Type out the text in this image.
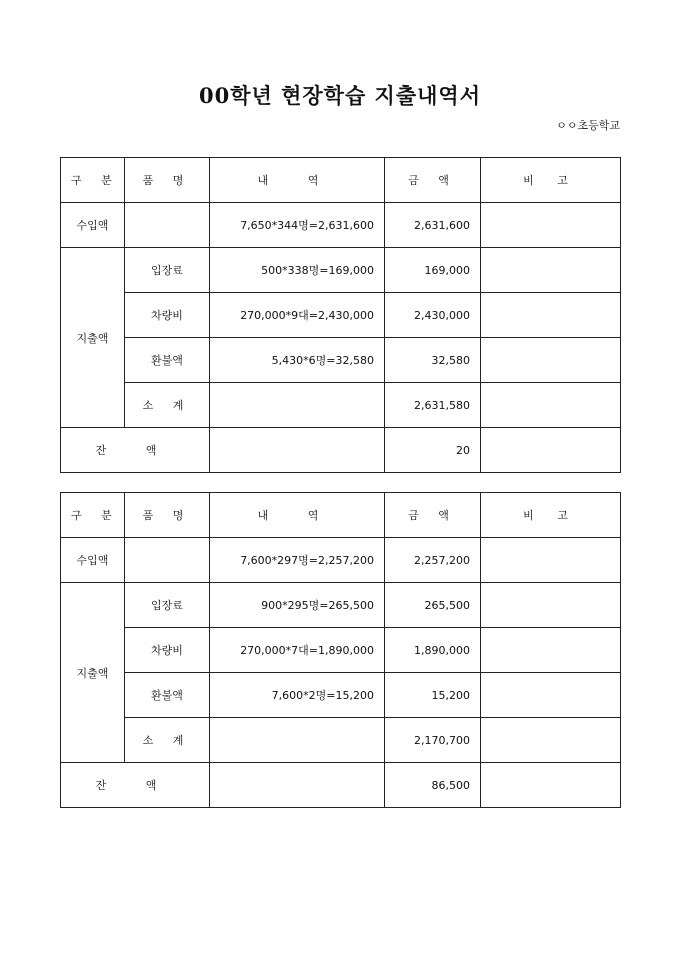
00학년 현장학습 지출내역서
ㅇㅇ초등학교
구 분	품 명	내 역	금 액	비 고
수입액		7,650*344명=2,631,600	2,631,600	
지출액	입장료	500*338명=169,000	169,000	
	차량비	270,000*9대=2,430,000	2,430,000	
	환불액	5,430*6명=32,580	32,580	
	소 계		2,631,580	
잔 액			20	
구 분	품 명	내 역	금 액	비 고
수입액		7,600*297명=2,257,200	2,257,200	
지출액	입장료	900*295명=265,500	265,500	
	차량비	270,000*7대=1,890,000	1,890,000	
	환불액	7,600*2명=15,200	15,200	
	소 계		2,170,700	
잔 액			86,500	
